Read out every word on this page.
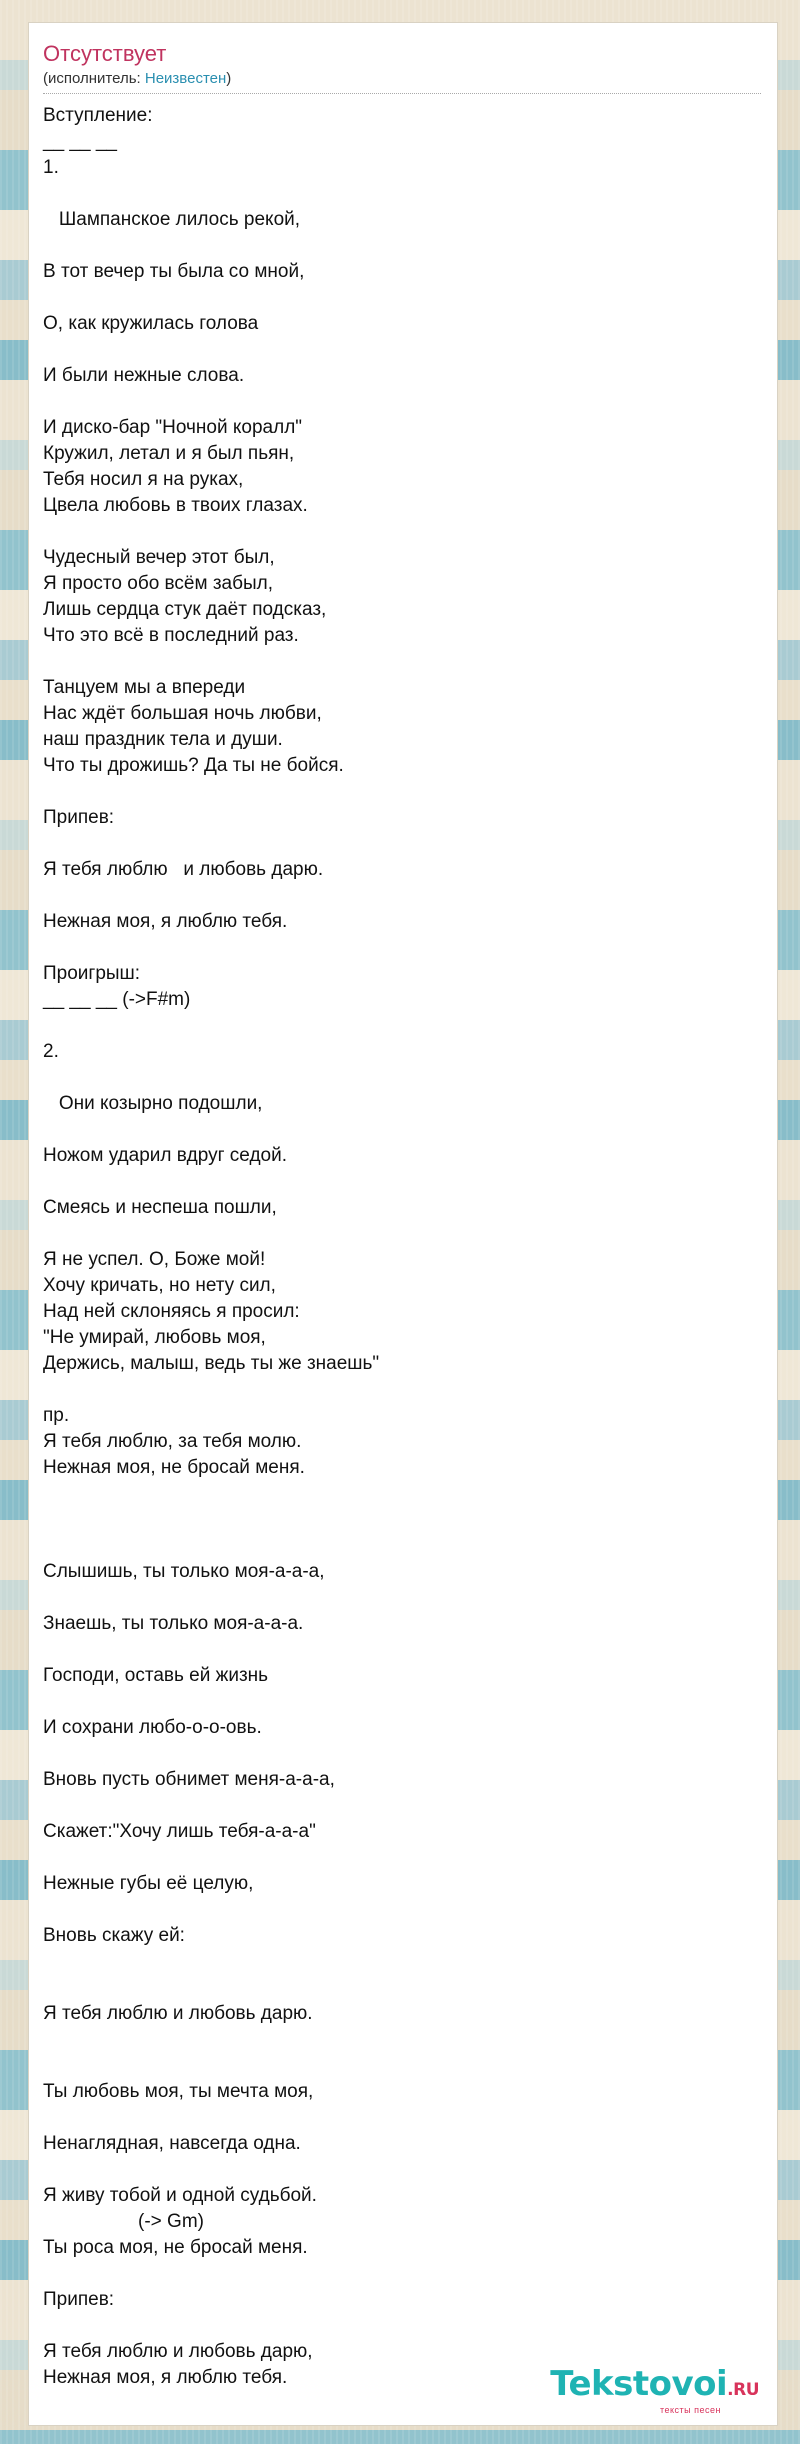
Отсутствует
(исполнитель: Неизвестен)
Вступление:
__ __ __
1.

Шампанское лилось рекой,

В тот вечер ты была со мной,

О, как кружилась голова

И были нежные слова.

И диско-бар "Ночной коралл"
Кружил, летал и я был пьян,
Тебя носил я на руках,
Цвела любовь в твоих глазах.

Чудесный вечер этот был,
Я просто обо всём забыл,
Лишь сердца стук даёт подсказ,
Что это всё в последний раз.

Танцуем мы а впереди
Нас ждёт большая ночь любви,
наш праздник тела и души.
Что ты дрожишь? Да ты не бойся.

Припев:

Я тебя люблю   и любовь дарю.

Нежная моя, я люблю тебя.

Проигрыш:
__ __ __ (->F#m)

2.

Они козырно подошли,

Ножом ударил вдруг седой.

Смеясь и неспеша пошли,

Я не успел. О, Боже мой!
Хочу кричать, но нету сил,
Над ней склоняясь я просил:
"Не умирай, любовь моя,
Держись, малыш, ведь ты же знаешь"

пр.
Я тебя люблю, за тебя молю.
Нежная моя, не бросай меня.

Слышишь, ты только моя-а-а-а,

Знаешь, ты только моя-а-а-а.

Господи, оставь ей жизнь

И сохрани любо-о-о-овь.

Вновь пусть обнимет меня-а-а-а,

Скажет:"Хочу лишь тебя-а-а-а"

Нежные губы её целую,

Вновь скажу ей:

Я тебя люблю и любовь дарю.

Ты любовь моя, ты мечта моя,

Ненаглядная, навсегда одна.

Я живу тобой и одной судьбой.
(-> Gm)
Ты роса моя, не бросай меня.

Припев:

Я тебя люблю и любовь дарю,
Нежная моя, я люблю тебя.	Tekstovoi.RU
тексты песен
